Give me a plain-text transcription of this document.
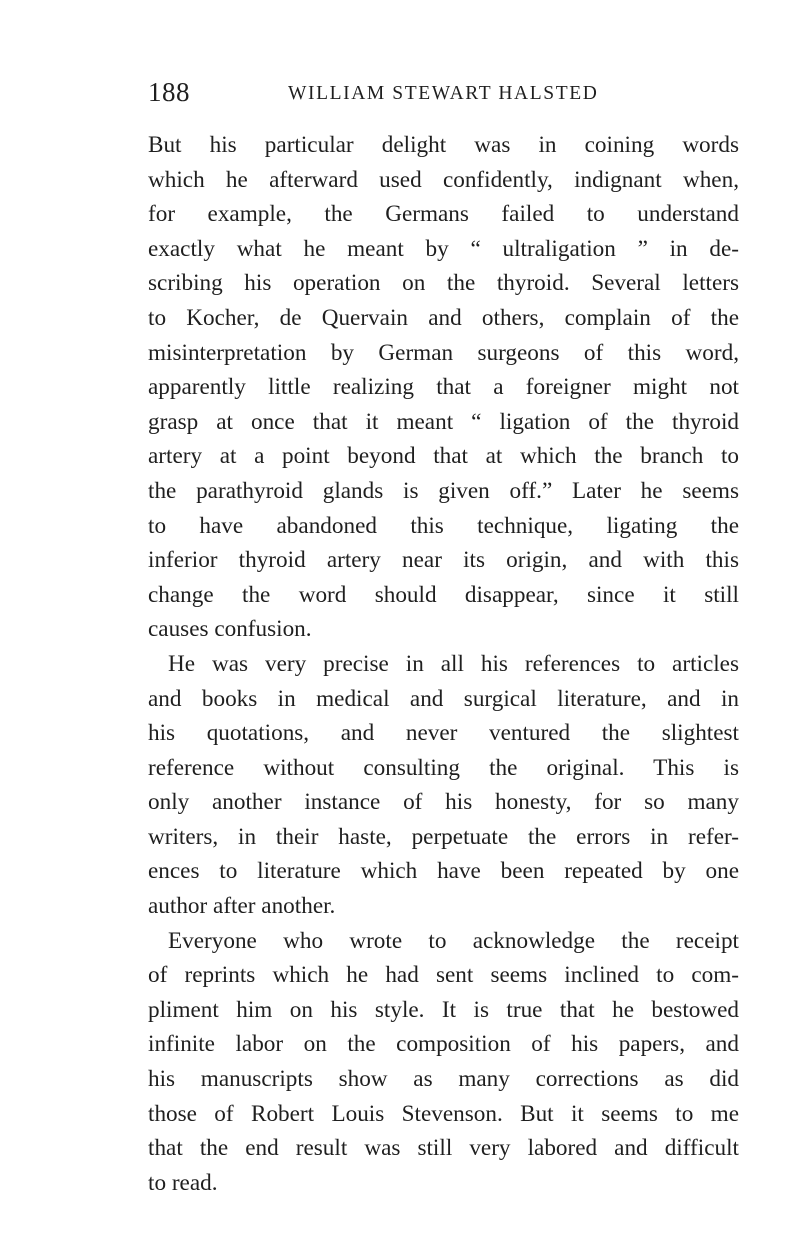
188	WILLIAM STEWART HALSTED
But his particular delight was in coining words
which he afterward used confidently, indignant when,
for example, the Germans failed to understand
exactly what he meant by “ ultraligation ” in de-
scribing his operation on the thyroid. Several letters
to Kocher, de Quervain and others, complain of the
misinterpretation by German surgeons of this word,
apparently little realizing that a foreigner might not
grasp at once that it meant “ ligation of the thyroid
artery at a point beyond that at which the branch to
the parathyroid glands is given off.” Later he seems
to have abandoned this technique, ligating the
inferior thyroid artery near its origin, and with this
change the word should disappear, since it still
causes confusion.
He was very precise in all his references to articles
and books in medical and surgical literature, and in
his quotations, and never ventured the slightest
reference without consulting the original. This is
only another instance of his honesty, for so many
writers, in their haste, perpetuate the errors in refer-
ences to literature which have been repeated by one
author after another.
Everyone who wrote to acknowledge the receipt
of reprints which he had sent seems inclined to com-
pliment him on his style. It is true that he bestowed
infinite labor on the composition of his papers, and
his manuscripts show as many corrections as did
those of Robert Louis Stevenson. But it seems to me
that the end result was still very labored and difficult
to read.
